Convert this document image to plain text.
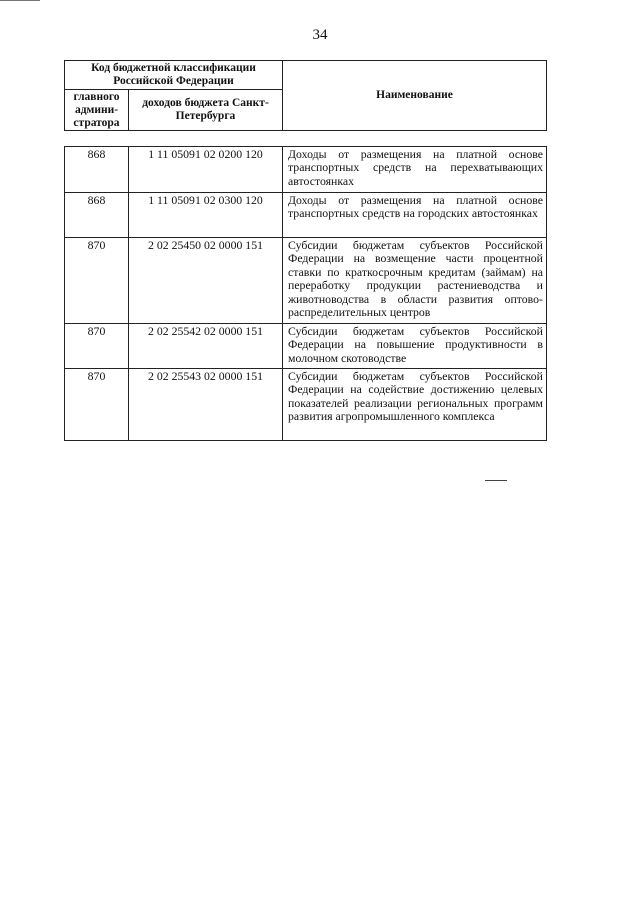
34
Код бюджетной классификации Российской Федерации		Наименование
главного админи-стратора	доходов бюджета Санкт-Петербурга	
868	1 11 05091 02 0200 120	Доходы от размещения на платной основе транспортных средств на перехватывающих автостоянках
868	1 11 05091 02 0300 120	Доходы от размещения на платной основе транспортных средств на городских автостоянках
870	2 02 25450 02 0000 151	Субсидии бюджетам субъектов Российской Федерации на возмещение части процентной ставки по краткосрочным кредитам (займам) на переработку продукции растениеводства и животноводства в области развития оптово-распределительных центров
870	2 02 25542 02 0000 151	Субсидии бюджетам субъектов Российской Федерации на повышение продуктивности в молочном скотоводстве
870	2 02 25543 02 0000 151	Субсидии бюджетам субъектов Российской Федерации на содействие достижению целевых показателей реализации региональных программ развития агропромышленного комплекса
